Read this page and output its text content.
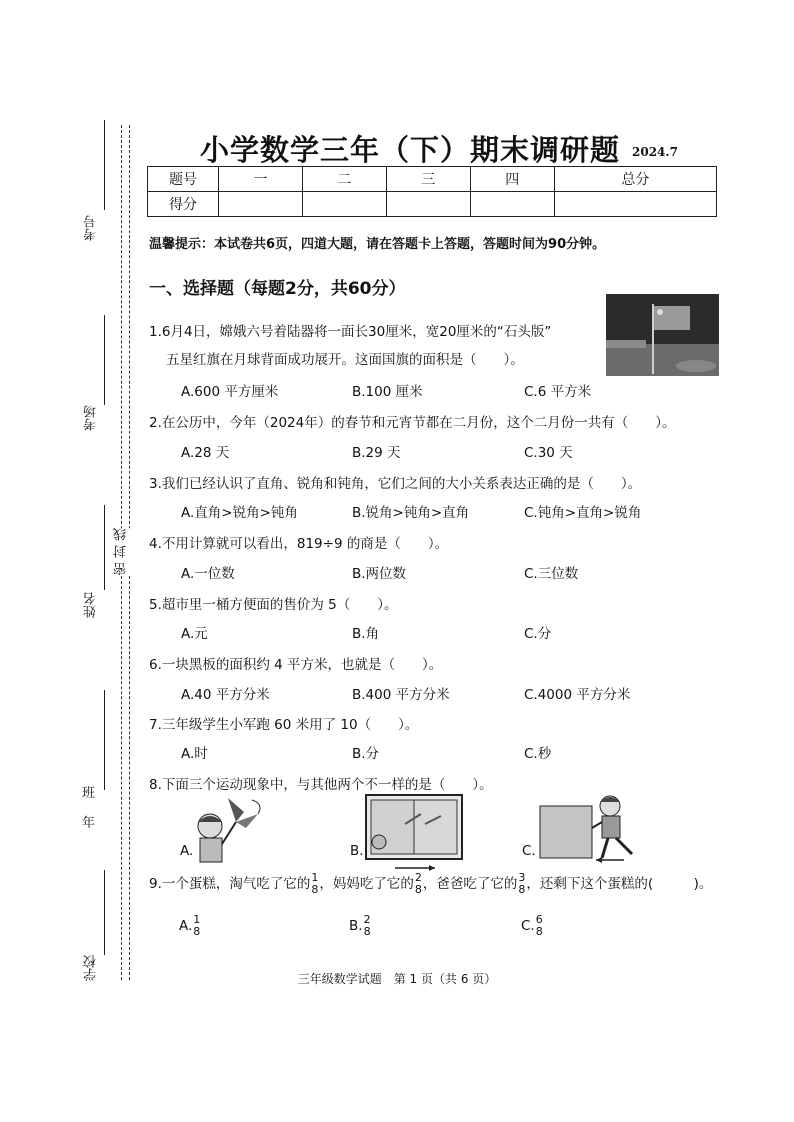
考号
考场
姓名
年
班
学校
密 封 线
小学数学三年（下）期末调研题 2024.7
题号	一	二	三	四	总分
得分					
温馨提示：本试卷共6页，四道大题，请在答题卡上答题，答题时间为90分钟。
一、选择题（每题2分，共60分）
1.6月4日，嫦娥六号着陆器将一面长30厘米，宽20厘米的“石头版”
五星红旗在月球背面成功展开。这面国旗的面积是（　　）。
A.600 平方厘米	B.100 厘米	C.6 平方米
2.在公历中，今年（2024年）的春节和元宵节都在二月份，这个二月份一共有（　　）。
A.28 天	B.29 天	C.30 天
3.我们已经认识了直角、锐角和钝角，它们之间的大小关系表达正确的是（　　）。
A.直角>锐角>钝角	B.锐角>钝角>直角	C.钝角>直角>锐角
4.不用计算就可以看出，819÷9 的商是（　　）。
A.一位数	B.两位数	C.三位数
5.超市里一桶方便面的售价为 5（　　）。
A.元	B.角	C.分
6.一块黑板的面积约 4 平方米，也就是（　　）。
A.40 平方分米	B.400 平方分米	C.4000 平方分米
7.三年级学生小军跑 60 米用了 10（　　）。
A.时	B.分	C.秒
8.下面三个运动现象中，与其他两个不一样的是（　　）。
A.	B.	C.
9.一个蛋糕，淘气吃了它的 1
8 ，妈妈吃了它的 2
8 ，爸爸吃了它的 3
8 ，还剩下这个蛋糕的(　　　)。
A. 1
8	B. 2
8	C. 6
8
三年级数学试题　第 1 页（共 6 页）
